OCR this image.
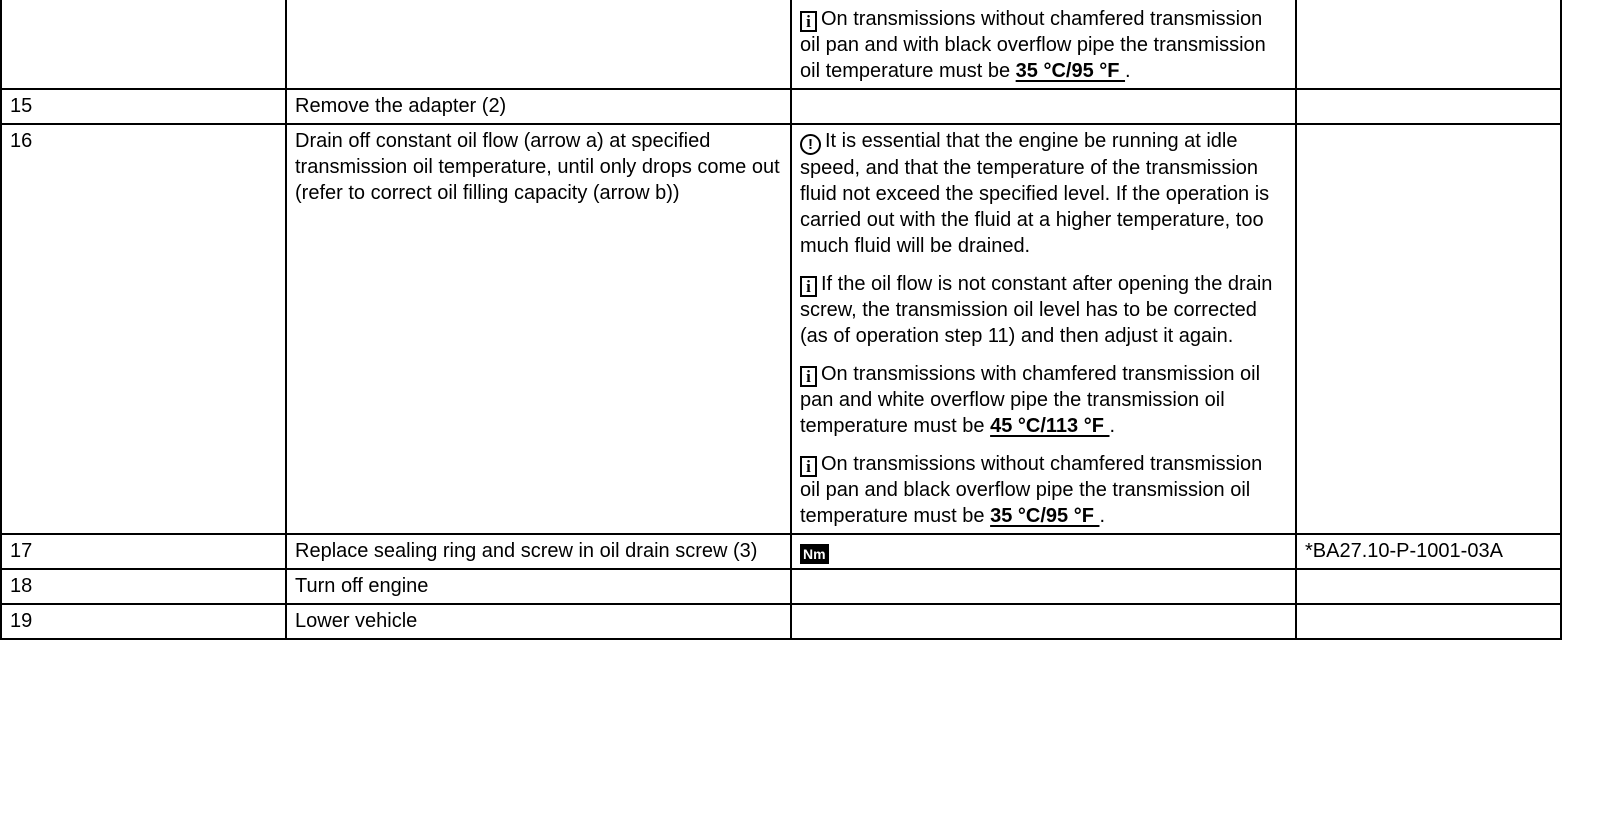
		i On transmissions without chamfered transmission oil pan and with black overflow pipe the transmission oil temperature must be 35 °C/95 °F .	

15	Remove the adapter (2)		
16	Drain off constant oil flow (arrow a) at specified transmission oil temperature, until only drops come out (refer to correct oil filling capacity (arrow b))	! It is essential that the engine be running at idle speed, and that the temperature of the transmission fluid not exceed the specified level. If the operation is carried out with the fluid at a higher temperature, too much fluid will be drained.

i If the oil flow is not constant after opening the drain screw, the transmission oil level has to be corrected (as of operation step 11) and then adjust it again.

i On transmissions with chamfered transmission oil pan and white overflow pipe the transmission oil temperature must be 45 °C/113 °F .

i On transmissions without chamfered transmission oil pan and black overflow pipe the transmission oil temperature must be 35 °C/95 °F .	

17	Replace sealing ring and screw in oil drain screw (3)	Nm	*BA27.10-P-1001-03A
18	Turn off engine		
19	Lower vehicle		
